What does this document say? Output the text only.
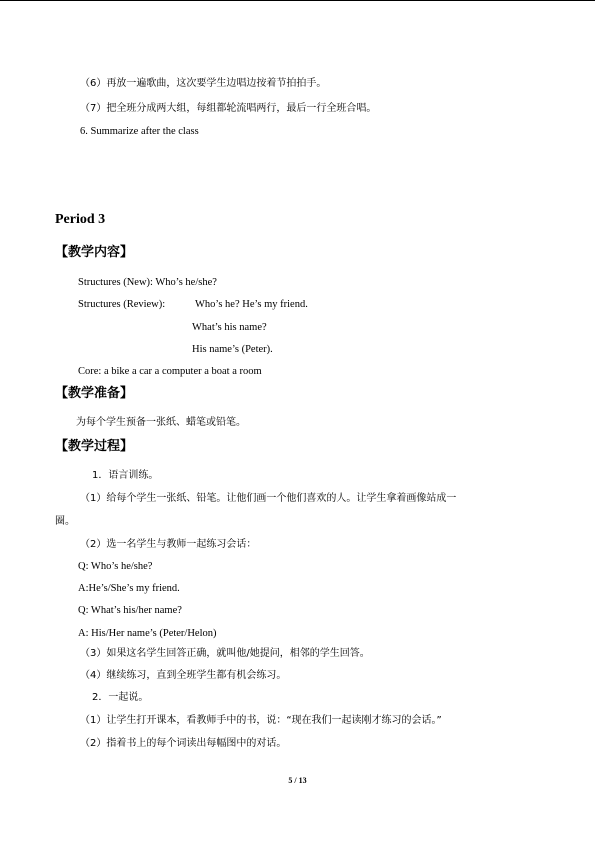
（6）再放一遍歌曲，这次要学生边唱边按着节拍拍手。
（7）把全班分成两大组，每组都轮流唱两行，最后一行全班合唱。
6. Summarize after the class
Period 3
【教学内容】
Structures (New): Who’s he/she?
Structures (Review):	Who’s he? He’s my friend.
What’s his name?
His name’s (Peter).
Core: a bike a car a computer a boat a room
【教学准备】
为每个学生预备一张纸、蜡笔或铅笔。
【教学过程】
1．语言训练。
（1）给每个学生一张纸、铅笔。让他们画一个他们喜欢的人。让学生拿着画像站成一
圈。
（2）选一名学生与教师一起练习会话：
Q: Who’s he/she?
A:He’s/She’s my friend.
Q: What’s his/her name?
A: His/Her name’s (Peter/Helon)
（3）如果这名学生回答正确，就叫他/她提问，相邻的学生回答。
（4）继续练习，直到全班学生都有机会练习。
2．一起说。
（1）让学生打开课本，看教师手中的书，说：“现在我们一起读刚才练习的会话。”
（2）指着书上的每个词读出每幅图中的对话。
5 / 13
